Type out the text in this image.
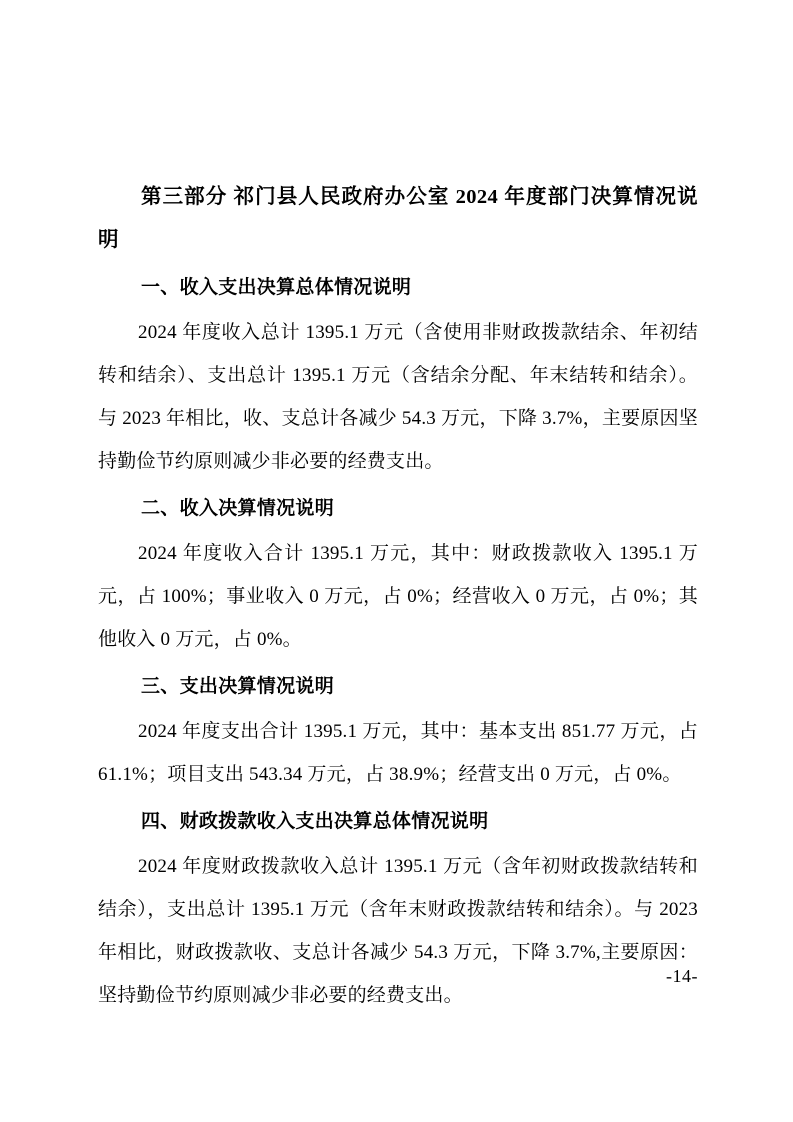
第三部分 祁门县人民政府办公室 2024 年度部门决算情况说明
一、收入支出决算总体情况说明

2024 年度收入总计 1395.1 万元（含使用非财政拨款结余、年初结转和结余）、支出总计 1395.1 万元（含结余分配、年末结转和结余）。与 2023 年相比，收、支总计各减少 54.3 万元，下降 3.7%，主要原因坚持勤俭节约原则减少非必要的经费支出。

二、收入决算情况说明

2024 年度收入合计 1395.1 万元，其中：财政拨款收入 1395.1 万元，占 100%；事业收入 0 万元，占 0%；经营收入 0 万元，占 0%；其他收入 0 万元，占 0%。

三、支出决算情况说明

2024 年度支出合计 1395.1 万元，其中：基本支出 851.77 万元，占 61.1%；项目支出 543.34 万元，占 38.9%；经营支出 0 万元，占 0%。

四、财政拨款收入支出决算总体情况说明

2024 年度财政拨款收入总计 1395.1 万元（含年初财政拨款结转和结余），支出总计 1395.1 万元（含年末财政拨款结转和结余）。与 2023 年相比，财政拨款收、支总计各减少 54.3 万元，下降 3.7%,主要原因：坚持勤俭节约原则减少非必要的经费支出。

-14-
